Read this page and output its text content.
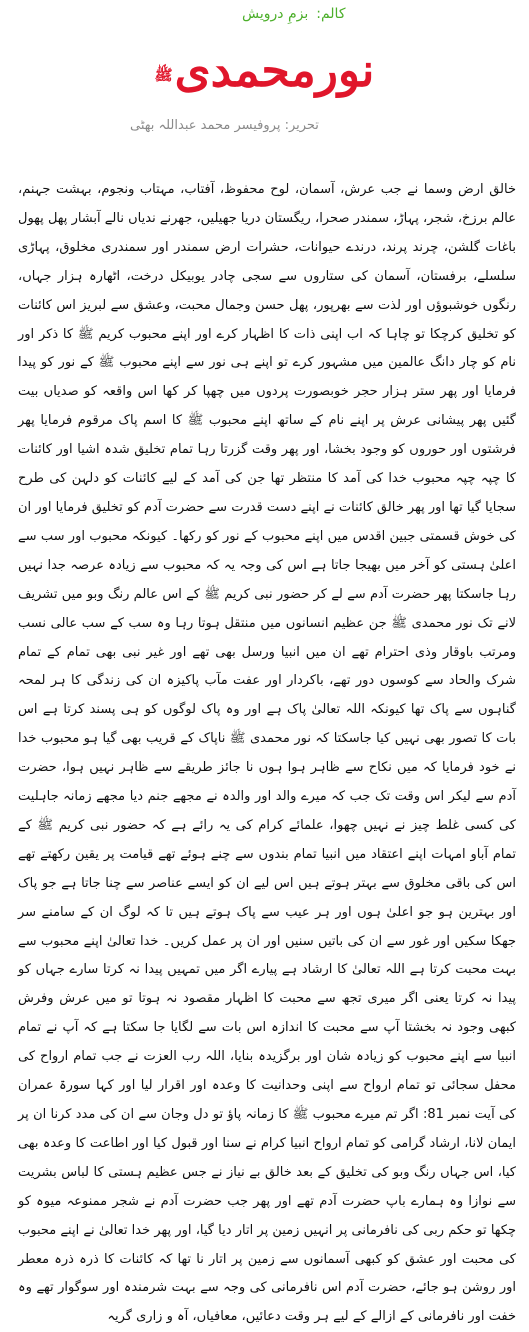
کالم:بزمِ درویش
نورمحمدیﷺ
تحریر: پروفیسر محمد عبداللہ بھٹی
خالق ارض وسما نے جب عرش، آسمان، لوح محفوظ، آفتاب، مہتاب ونجوم، بہشت جہنم، عالم برزخ، شجر، پہاڑ، سمندر صحرا، ریگستان دریا جھیلیں، جھرنے ندیاں نالے آبشار پھل پھول باغات گلشن، چرند پرند، درندے حیوانات، حشرات ارض سمندر اور سمندری مخلوق، پہاڑی سلسلے، برفستان، آسمان کی ستاروں سے سجی چادر یوبیکل درخت، اٹھارہ ہزار جہاں، رنگوں خوشبوؤں اور لذت سے بھرپور، پھل حسن وجمال محبت، وعشق سے لبریز اس کائنات کو تخلیق کرچکا تو چاہا کہ اب اپنی ذات کا اظہار کرے اور اپنے محبوب کریم ﷺ کا ذکر اور نام کو چار دانگ عالمین میں مشہور کرے تو اپنے ہی نور سے اپنے محبوب ﷺ کے نور کو پیدا فرمایا اور پھر ستر ہزار حجر خوبصورت پردوں میں چھپا کر کھا اس واقعہ کو صدیاں بیت گئیں پھر پیشانی عرش پر اپنے نام کے ساتھ اپنے محبوب ﷺ کا اسم پاک مرقوم فرمایا پھر فرشتوں اور حوروں کو وجود بخشا، اور پھر وقت گزرتا رہا تمام تخلیق شدہ اشیا اور کائنات کا چپہ چپہ محبوب خدا کی آمد کا منتظر تھا جن کی آمد کے لیے کائنات کو دلہن کی طرح سجایا گیا تھا اور پھر خالق کائنات نے اپنے دست قدرت سے حضرت آدم کو تخلیق فرمایا اور ان کی خوش قسمتی جبین اقدس میں اپنے محبوب کے نور کو رکھا۔ کیونکہ محبوب اور سب سے اعلیٰ ہستی کو آخر میں بھیجا جاتا ہے اس کی وجہ یہ کہ محبوب سے زیادہ عرصہ جدا نہیں رہا جاسکتا پھر حضرت آدم سے لے کر حضور نبی کریم ﷺ کے اس عالم رنگ وبو میں تشریف لانے تک نور محمدی ﷺ جن عظیم انسانوں میں منتقل ہوتا رہا وہ سب کے سب عالی نسب ومرتب باوقار وذی احترام تھے ان میں انبیا ورسل بھی تھے اور غیر نبی بھی تمام کے تمام شرک والحاد سے کوسوں دور تھے، باکردار اور عفت مآب پاکیزہ ان کی زندگی کا ہر لمحہ گناہوں سے پاک تھا کیونکہ اللہ تعالیٰ پاک ہے اور وہ پاک لوگوں کو ہی پسند کرتا ہے اس بات کا تصور بھی نہیں کیا جاسکتا کہ نور محمدی ﷺ ناپاک کے قریب بھی گیا ہو محبوب خدا نے خود فرمایا کہ میں نکاح سے ظاہر ہوا ہوں نا جائز طریقے سے ظاہر نہیں ہوا، حضرت آدم سے لیکر اس وقت تک جب کہ میرے والد اور والدہ نے مجھے جنم دیا مجھے زمانہ جاہلیت کی کسی غلط چیز نے نہیں چھوا، علمائے کرام کی یہ رائے ہے کہ حضور نبی کریم ﷺ کے تمام آباو امہات اپنے اعتقاد میں انبیا تمام بندوں سے چنے ہوئے تھے قیامت پر یقین رکھتے تھے اس کی باقی مخلوق سے بہتر ہوتے ہیں اس لیے ان کو ایسے عناصر سے چنا جاتا ہے جو پاک اور بہترین ہو جو اعلیٰ ہوں اور ہر عیب سے پاک ہوتے ہیں تا کہ لوگ ان کے سامنے سر جھکا سکیں اور غور سے ان کی باتیں سنیں اور ان پر عمل کریں۔ خدا تعالیٰ اپنے محبوب سے بہت محبت کرتا ہے اللہ تعالیٰ کا ارشاد ہے پیارے اگر میں تمہیں پیدا نہ کرتا سارے جہاں کو پیدا نہ کرتا یعنی اگر میری تجھ سے محبت کا اظہار مقصود نہ ہوتا تو میں عرش وفرش کبھی وجود نہ بخشتا آپ سے محبت کا اندازہ اس بات سے لگایا جا سکتا ہے کہ آپ نے تمام انبیا سے اپنے محبوب کو زیادہ شان اور برگزیدہ بنایا، اللہ رب العزت نے جب تمام ارواح کی محفل سجائی تو تمام ارواح سے اپنی وحدانیت کا وعدہ اور اقرار لیا اور کہا سورۃ عمران کی آیت نمبر 81: اگر تم میرے محبوب ﷺ کا زمانہ پاؤ تو دل وجان سے ان کی مدد کرنا ان پر ایمان لانا، ارشاد گرامی کو تمام ارواح انبیا کرام نے سنا اور قبول کیا اور اطاعت کا وعدہ بھی کیا، اس جہاں رنگ وبو کی تخلیق کے بعد خالق بے نیاز نے جس عظیم ہستی کا لباس بشریت سے نوازا وہ ہمارے باپ حضرت آدم تھے اور پھر جب حضرت آدم نے شجر ممنوعہ میوہ کو چکھا تو حکم ربی کی نافرمانی پر انہیں زمین پر اتار دیا گیا، اور پھر خدا تعالیٰ نے اپنے محبوب کی محبت اور عشق کو کبھی آسمانوں سے زمین پر اتار نا تھا کہ کائنات کا ذرہ ذرہ معطر اور روشن ہو جائے، حضرت آدم اس نافرمانی کی وجہ سے بہت شرمندہ اور سوگوار تھے وہ خفت اور نافرمانی کے ازالے کے لیے ہر وقت دعائیں، معافیاں، آہ و زاری گریہ
